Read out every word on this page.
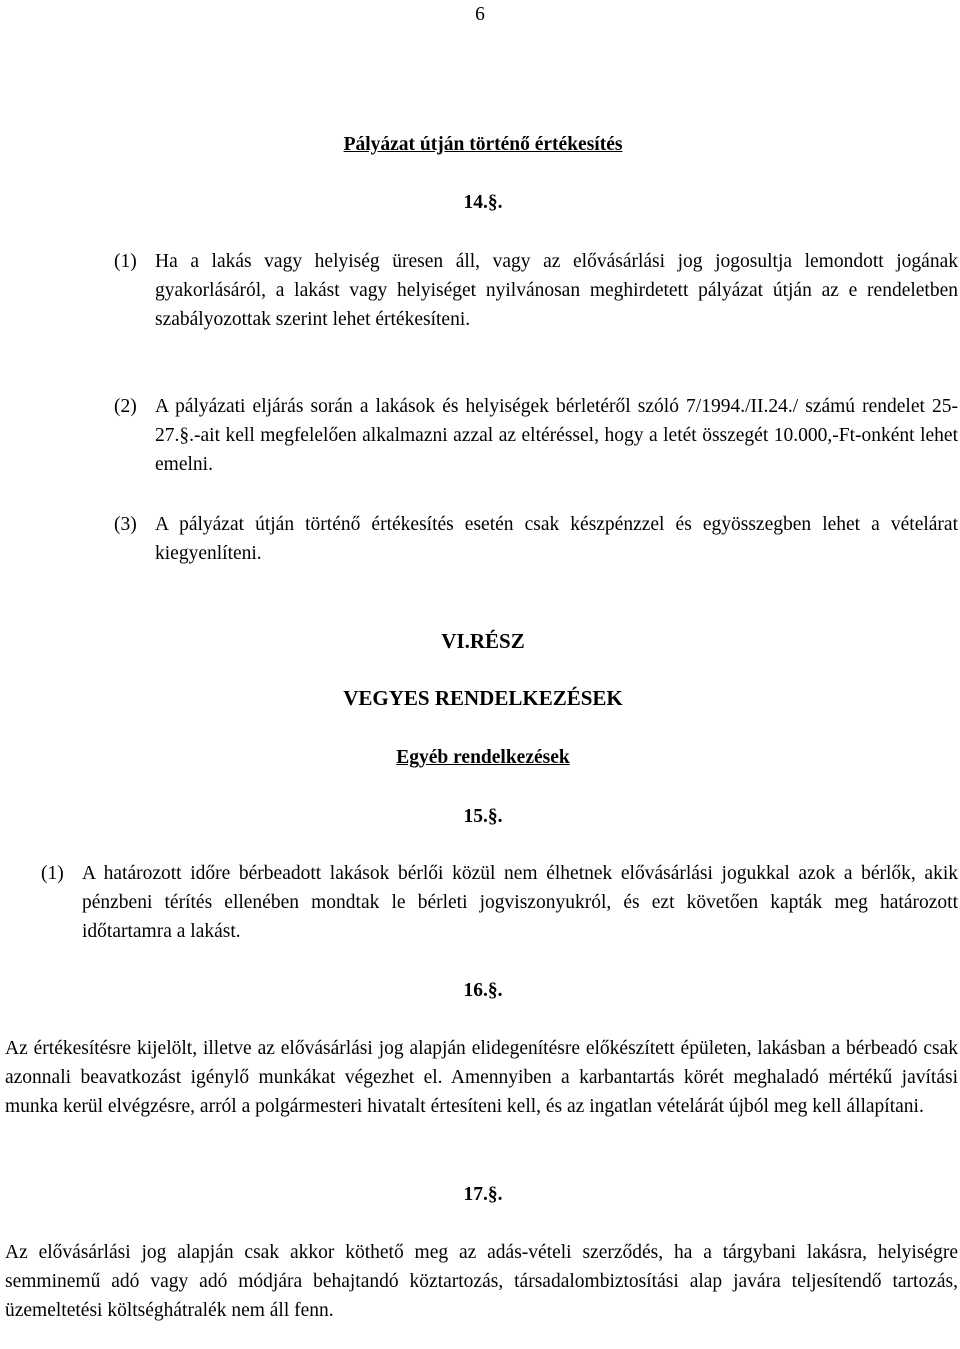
6
Pályázat útján történő értékesítés
14.§.
(1) Ha a lakás vagy helyiség üresen áll, vagy az elővásárlási jog jogosultja lemondott jogának gyakorlásáról, a lakást vagy helyiséget nyilvánosan meghirdetett pályázat útján az e rendeletben szabályozottak szerint lehet értékesíteni.
(2) A pályázati eljárás során a lakások és helyiségek bérletéről szóló 7/1994./II.24./ számú rendelet 25-27.§.-ait kell megfelelően alkalmazni azzal az eltéréssel, hogy a letét összegét 10.000,-Ft-onként lehet emelni.
(3) A pályázat útján történő értékesítés esetén csak készpénzzel és egyösszegben lehet a vételárat kiegyenlíteni.
VI.RÉSZ
VEGYES RENDELKEZÉSEK
Egyéb rendelkezések
15.§.
(1) A határozott időre bérbeadott lakások bérlői közül nem élhetnek elővásárlási jogukkal azok a bérlők, akik pénzbeni térítés ellenében mondtak le bérleti jogviszonyukról, és ezt követően kapták meg határozott időtartamra a lakást.
16.§.
Az értékesítésre kijelölt, illetve az elővásárlási jog alapján elidegenítésre előkészített épületen, lakásban a bérbeadó csak azonnali beavatkozást igénylő munkákat végezhet el. Amennyiben a karbantartás körét meghaladó mértékű javítási munka kerül elvégzésre, arról a polgármesteri hivatalt értesíteni kell, és az ingatlan vételárát újból meg kell állapítani.
17.§.
Az elővásárlási jog alapján csak akkor köthető meg az adás-vételi szerződés, ha a tárgybani lakásra, helyiségre semminemű adó vagy adó módjára behajtandó köztartozás, társadalombiztosítási alap javára teljesítendő tartozás, üzemeltetési költséghátralék nem áll fenn.
